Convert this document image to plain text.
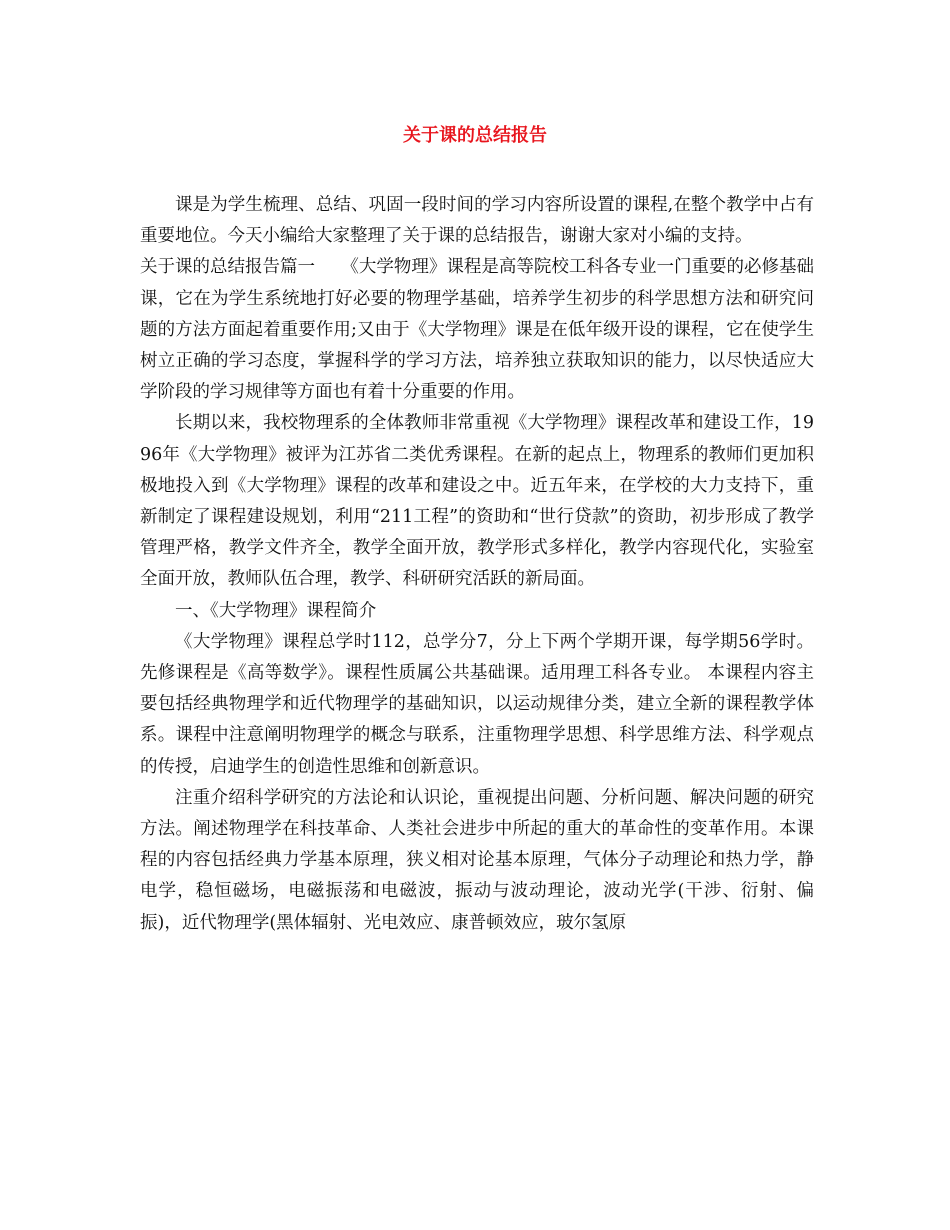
关于课的总结报告

课是为学生梳理、总结、巩固一段时间的学习内容所设置的课程,在整个教学中占有重要地位。今天小编给大家整理了关于课的总结报告，谢谢大家对小编的支持。

关于课的总结报告篇一　　《大学物理》课程是高等院校工科各专业一门重要的必修基础课，它在为学生系统地打好必要的物理学基础，培养学生初步的科学思想方法和研究问题的方法方面起着重要作用;又由于《大学物理》课是在低年级开设的课程，它在使学生树立正确的学习态度，掌握科学的学习方法，培养独立获取知识的能力，以尽快适应大学阶段的学习规律等方面也有着十分重要的作用。

长期以来，我校物理系的全体教师非常重视《大学物理》课程改革和建设工作，1996年《大学物理》被评为江苏省二类优秀课程。在新的起点上，物理系的教师们更加积极地投入到《大学物理》课程的改革和建设之中。近五年来，在学校的大力支持下，重新制定了课程建设规划，利用“211工程”的资助和“世行贷款”的资助，初步形成了教学管理严格，教学文件齐全，教学全面开放，教学形式多样化，教学内容现代化，实验室全面开放，教师队伍合理，教学、科研研究活跃的新局面。

一、《大学物理》课程简介

《大学物理》课程总学时112，总学分7，分上下两个学期开课，每学期56学时。先修课程是《高等数学》。课程性质属公共基础课。适用理工科各专业。 本课程内容主要包括经典物理学和近代物理学的基础知识，以运动规律分类，建立全新的课程教学体系。课程中注意阐明物理学的概念与联系，注重物理学思想、科学思维方法、科学观点的传授，启迪学生的创造性思维和创新意识。

注重介绍科学研究的方法论和认识论，重视提出问题、分析问题、解决问题的研究方法。阐述物理学在科技革命、人类社会进步中所起的重大的革命性的变革作用。本课程的内容包括经典力学基本原理，狭义相对论基本原理，气体分子动理论和热力学，静电学，稳恒磁场，电磁振荡和电磁波，振动与波动理论，波动光学(干涉、衍射、偏振)，近代物理学(黑体辐射、光电效应、康普顿效应，玻尔氢原
